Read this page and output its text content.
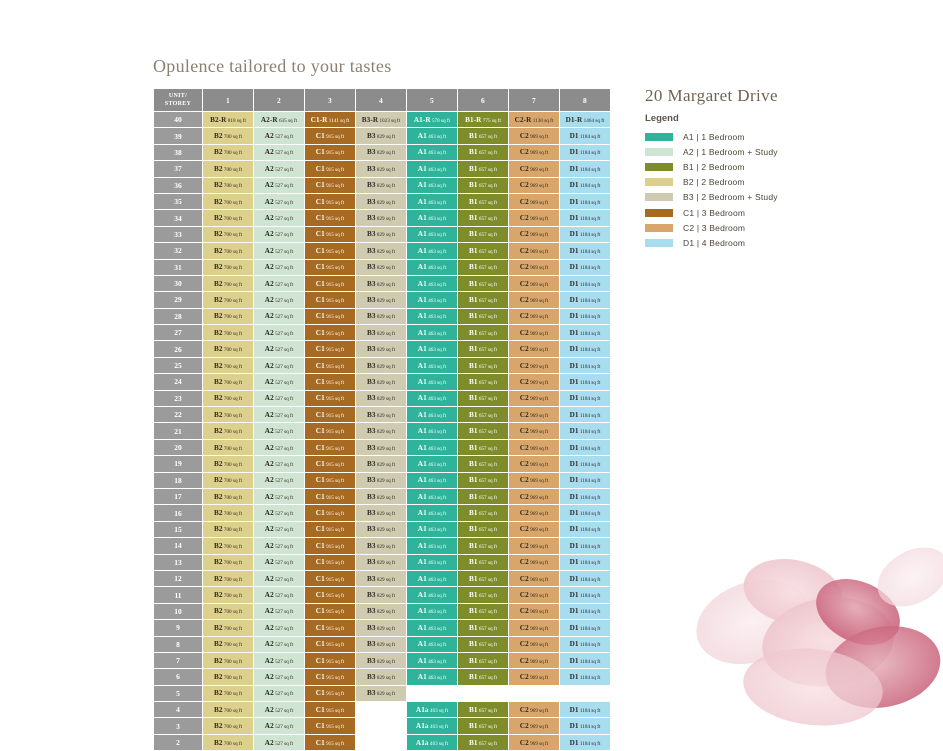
Opulence tailored to your tastes
UNIT/
STOREY	1	2	3	4	5	6	7	8
40	B2-R 818 sq ft	A2-R 635 sq ft	C1-R 1141 sq ft	B3-R 1023 sq ft	A1-R 570 sq ft	B1-R 775 sq ft	C2-R 1130 sq ft	D1-R 1464 sq ft
39	B2 700 sq ft	A2 527 sq ft	C1 915 sq ft	B3 829 sq ft	A1 463 sq ft	B1 657 sq ft	C2 969 sq ft	D1 1184 sq ft
38	B2 700 sq ft	A2 527 sq ft	C1 915 sq ft	B3 829 sq ft	A1 463 sq ft	B1 657 sq ft	C2 969 sq ft	D1 1184 sq ft
37	B2 700 sq ft	A2 527 sq ft	C1 915 sq ft	B3 829 sq ft	A1 463 sq ft	B1 657 sq ft	C2 969 sq ft	D1 1184 sq ft
36	B2 700 sq ft	A2 527 sq ft	C1 915 sq ft	B3 829 sq ft	A1 463 sq ft	B1 657 sq ft	C2 969 sq ft	D1 1184 sq ft
35	B2 700 sq ft	A2 527 sq ft	C1 915 sq ft	B3 829 sq ft	A1 463 sq ft	B1 657 sq ft	C2 969 sq ft	D1 1184 sq ft
34	B2 700 sq ft	A2 527 sq ft	C1 915 sq ft	B3 829 sq ft	A1 463 sq ft	B1 657 sq ft	C2 969 sq ft	D1 1184 sq ft
33	B2 700 sq ft	A2 527 sq ft	C1 915 sq ft	B3 829 sq ft	A1 463 sq ft	B1 657 sq ft	C2 969 sq ft	D1 1184 sq ft
32	B2 700 sq ft	A2 527 sq ft	C1 915 sq ft	B3 829 sq ft	A1 463 sq ft	B1 657 sq ft	C2 969 sq ft	D1 1184 sq ft
31	B2 700 sq ft	A2 527 sq ft	C1 915 sq ft	B3 829 sq ft	A1 463 sq ft	B1 657 sq ft	C2 969 sq ft	D1 1184 sq ft
30	B2 700 sq ft	A2 527 sq ft	C1 915 sq ft	B3 829 sq ft	A1 463 sq ft	B1 657 sq ft	C2 969 sq ft	D1 1184 sq ft
29	B2 700 sq ft	A2 527 sq ft	C1 915 sq ft	B3 829 sq ft	A1 463 sq ft	B1 657 sq ft	C2 969 sq ft	D1 1184 sq ft
28	B2 700 sq ft	A2 527 sq ft	C1 915 sq ft	B3 829 sq ft	A1 463 sq ft	B1 657 sq ft	C2 969 sq ft	D1 1184 sq ft
27	B2 700 sq ft	A2 527 sq ft	C1 915 sq ft	B3 829 sq ft	A1 463 sq ft	B1 657 sq ft	C2 969 sq ft	D1 1184 sq ft
26	B2 700 sq ft	A2 527 sq ft	C1 915 sq ft	B3 829 sq ft	A1 463 sq ft	B1 657 sq ft	C2 969 sq ft	D1 1184 sq ft
25	B2 700 sq ft	A2 527 sq ft	C1 915 sq ft	B3 829 sq ft	A1 463 sq ft	B1 657 sq ft	C2 969 sq ft	D1 1184 sq ft
24	B2 700 sq ft	A2 527 sq ft	C1 915 sq ft	B3 829 sq ft	A1 463 sq ft	B1 657 sq ft	C2 969 sq ft	D1 1184 sq ft
23	B2 700 sq ft	A2 527 sq ft	C1 915 sq ft	B3 829 sq ft	A1 463 sq ft	B1 657 sq ft	C2 969 sq ft	D1 1184 sq ft
22	B2 700 sq ft	A2 527 sq ft	C1 915 sq ft	B3 829 sq ft	A1 463 sq ft	B1 657 sq ft	C2 969 sq ft	D1 1184 sq ft
21	B2 700 sq ft	A2 527 sq ft	C1 915 sq ft	B3 829 sq ft	A1 463 sq ft	B1 657 sq ft	C2 969 sq ft	D1 1184 sq ft
20	B2 700 sq ft	A2 527 sq ft	C1 915 sq ft	B3 829 sq ft	A1 463 sq ft	B1 657 sq ft	C2 969 sq ft	D1 1184 sq ft
19	B2 700 sq ft	A2 527 sq ft	C1 915 sq ft	B3 829 sq ft	A1 463 sq ft	B1 657 sq ft	C2 969 sq ft	D1 1184 sq ft
18	B2 700 sq ft	A2 527 sq ft	C1 915 sq ft	B3 829 sq ft	A1 463 sq ft	B1 657 sq ft	C2 969 sq ft	D1 1184 sq ft
17	B2 700 sq ft	A2 527 sq ft	C1 915 sq ft	B3 829 sq ft	A1 463 sq ft	B1 657 sq ft	C2 969 sq ft	D1 1184 sq ft
16	B2 700 sq ft	A2 527 sq ft	C1 915 sq ft	B3 829 sq ft	A1 463 sq ft	B1 657 sq ft	C2 969 sq ft	D1 1184 sq ft
15	B2 700 sq ft	A2 527 sq ft	C1 915 sq ft	B3 829 sq ft	A1 463 sq ft	B1 657 sq ft	C2 969 sq ft	D1 1184 sq ft
14	B2 700 sq ft	A2 527 sq ft	C1 915 sq ft	B3 829 sq ft	A1 463 sq ft	B1 657 sq ft	C2 969 sq ft	D1 1184 sq ft
13	B2 700 sq ft	A2 527 sq ft	C1 915 sq ft	B3 829 sq ft	A1 463 sq ft	B1 657 sq ft	C2 969 sq ft	D1 1184 sq ft
12	B2 700 sq ft	A2 527 sq ft	C1 915 sq ft	B3 829 sq ft	A1 463 sq ft	B1 657 sq ft	C2 969 sq ft	D1 1184 sq ft
11	B2 700 sq ft	A2 527 sq ft	C1 915 sq ft	B3 829 sq ft	A1 463 sq ft	B1 657 sq ft	C2 969 sq ft	D1 1184 sq ft
10	B2 700 sq ft	A2 527 sq ft	C1 915 sq ft	B3 829 sq ft	A1 463 sq ft	B1 657 sq ft	C2 969 sq ft	D1 1184 sq ft
9	B2 700 sq ft	A2 527 sq ft	C1 915 sq ft	B3 829 sq ft	A1 463 sq ft	B1 657 sq ft	C2 969 sq ft	D1 1184 sq ft
8	B2 700 sq ft	A2 527 sq ft	C1 915 sq ft	B3 829 sq ft	A1 463 sq ft	B1 657 sq ft	C2 969 sq ft	D1 1184 sq ft
7	B2 700 sq ft	A2 527 sq ft	C1 915 sq ft	B3 829 sq ft	A1 463 sq ft	B1 657 sq ft	C2 969 sq ft	D1 1184 sq ft
6	B2 700 sq ft	A2 527 sq ft	C1 915 sq ft	B3 829 sq ft	A1 463 sq ft	B1 657 sq ft	C2 969 sq ft	D1 1184 sq ft
5	B2 700 sq ft	A2 527 sq ft	C1 915 sq ft	B3 829 sq ft				
4	B2 700 sq ft	A2 527 sq ft	C1 915 sq ft		A1a 463 sq ft	B1 657 sq ft	C2 969 sq ft	D1 1184 sq ft
3	B2 700 sq ft	A2 527 sq ft	C1 915 sq ft		A1a 463 sq ft	B1 657 sq ft	C2 969 sq ft	D1 1184 sq ft
2	B2 700 sq ft	A2 527 sq ft	C1 915 sq ft		A1a 463 sq ft	B1 657 sq ft	C2 969 sq ft	D1 1184 sq ft
20 Margaret Drive
Legend
A1 | 1 Bedroom
A2 | 1 Bedroom + Study
B1 | 2 Bedroom
B2 | 2 Bedroom
B3 | 2 Bedroom + Study
C1 | 3 Bedroom
C2 | 3 Bedroom
D1 | 4 Bedroom
